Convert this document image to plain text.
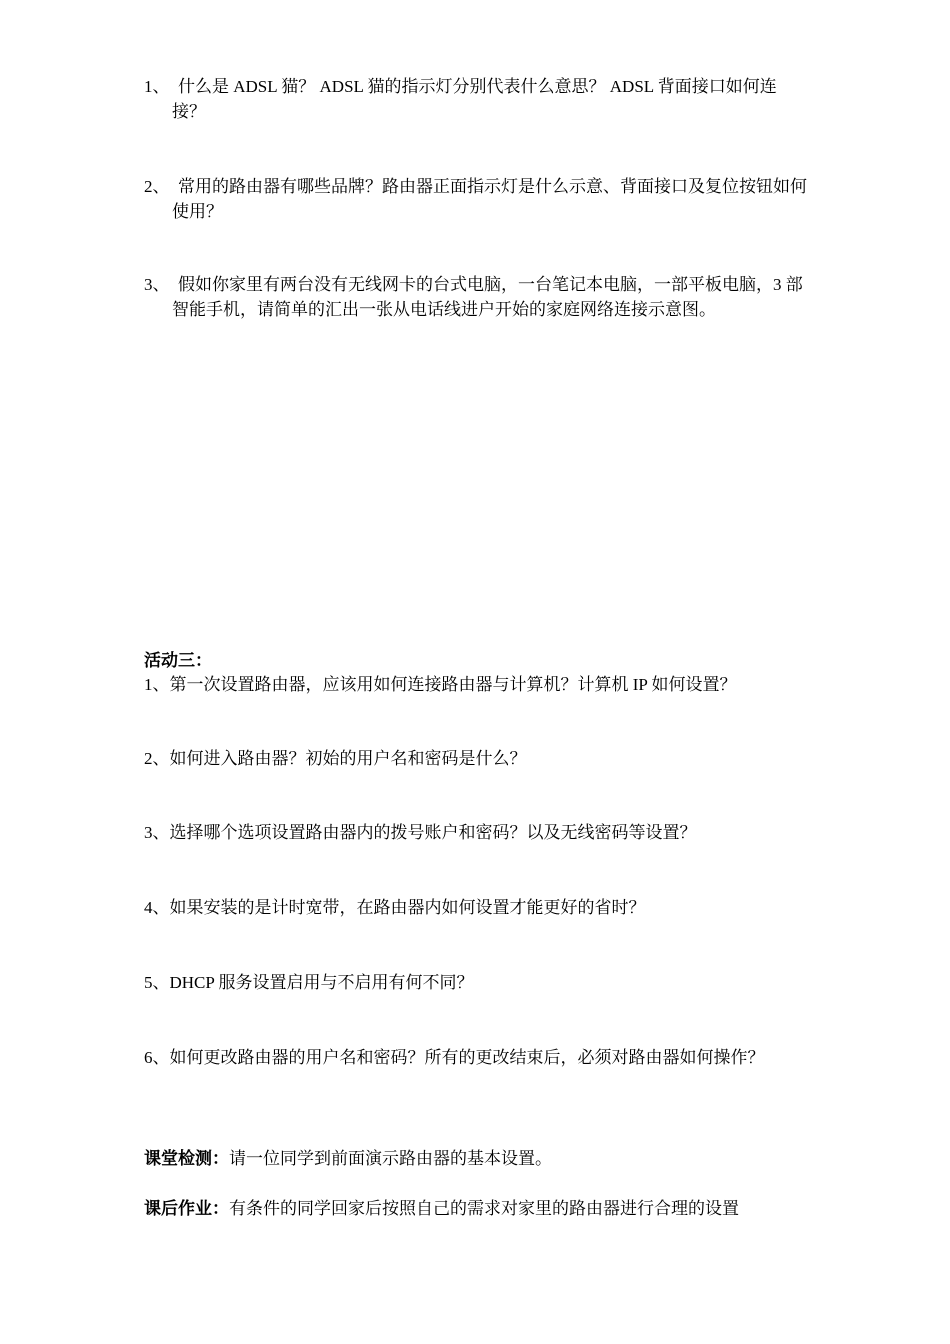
1、 什么是 ADSL 猫？ ADSL 猫的指示灯分别代表什么意思？ ADSL 背面接口如何连接？
2、 常用的路由器有哪些品牌？路由器正面指示灯是什么示意、背面接口及复位按钮如何使用？
3、 假如你家里有两台没有无线网卡的台式电脑，一台笔记本电脑，一部平板电脑，3 部智能手机，请简单的汇出一张从电话线进户开始的家庭网络连接示意图。
活动三：
1、第一次设置路由器，应该用如何连接路由器与计算机？计算机 IP 如何设置？
2、如何进入路由器？初始的用户名和密码是什么？
3、选择哪个选项设置路由器内的拨号账户和密码？以及无线密码等设置？
4、如果安装的是计时宽带，在路由器内如何设置才能更好的省时？
5、DHCP 服务设置启用与不启用有何不同？
6、如何更改路由器的用户名和密码？所有的更改结束后，必须对路由器如何操作？
课堂检测：请一位同学到前面演示路由器的基本设置。
课后作业：有条件的同学回家后按照自己的需求对家里的路由器进行合理的设置
